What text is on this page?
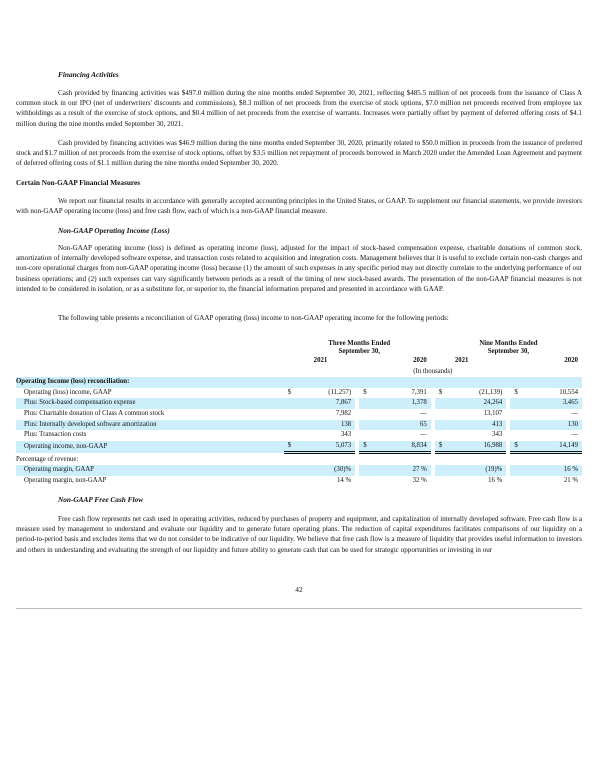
Financing Activities
Cash provided by financing activities was $497.0 million during the nine months ended September 30, 2021, reflecting $485.5 million of net proceeds from the issuance of Class A common stock in our IPO (net of underwriters' discounts and commissions), $8.3 million of net proceeds from the exercise of stock options, $7.0 million net proceeds received from employee tax withholdings as a result of the exercise of stock options, and $0.4 million of net proceeds from the exercise of warrants. Increases were partially offset by payment of deferred offering costs of $4.1 million during the nine months ended September 30, 2021.
Cash provided by financing activities was $46.9 million during the nine months ended September 30, 2020, primarily related to $50.0 million in proceeds from the issuance of preferred stock and $1.7 million of net proceeds from the exercise of stock options, offset by $3.5 million net repayment of proceeds borrowed in March 2020 under the Amended Loan Agreement and payment of deferred offering costs of $1.1 million during the nine months ended September 30, 2020.
Certain Non-GAAP Financial Measures
We report our financial results in accordance with generally accepted accounting principles in the United States, or GAAP. To supplement our financial statements, we provide investors with non-GAAP operating income (loss) and free cash flow, each of which is a non-GAAP financial measure.
Non-GAAP Operating Income (Loss)
Non-GAAP operating income (loss) is defined as operating income (loss), adjusted for the impact of stock-based compensation expense, charitable donations of common stock, amortization of internally developed software expense, and transaction costs related to acquisition and integration costs. Management believes that it is useful to exclude certain non-cash charges and non-core operational charges from non-GAAP operating income (loss) because (1) the amount of such expenses in any specific period may not directly correlate to the underlying performance of our business operations; and (2) such expenses can vary significantly between periods as a result of the timing of new stock-based awards. The presentation of the non-GAAP financial measures is not intended to be considered in isolation, or as a substitute for, or superior to, the financial information prepared and presented in accordance with GAAP.
The following table presents a reconciliation of GAAP operating (loss) income to non-GAAP operating income for the following periods:
	Three Months Ended September 30,						Nine Months Ended September 30,				
	2021			2020			2021			2020	
	(In thousands)										
Operating Income (loss) reconciliation:											
Operating (loss) income, GAAP	$	(11,257)		$	7,391		$	(21,139)		$	10,554
Plus: Stock-based compensation expense		7,867			1,378			24,264			3,465
Plus: Charitable donation of Class A common stock		7,982			—			13,107			—
Plus: Internally developed software amortization		138			65			413			130
Plus: Transaction costs		343			—			343			—
Operating income, non-GAAP	$	5,073		$	8,834		$	16,988		$	14,149
Percentage of revenue:											
Operating margin, GAAP		(30)%			27 %			(19)%			16 %
Operating margin, non-GAAP		14 %			32 %			16 %			21 %
Non-GAAP Free Cash Flow
Free cash flow represents net cash used in operating activities, reduced by purchases of property and equipment, and capitalization of internally developed software. Free cash flow is a measure used by management to understand and evaluate our liquidity and to generate future operating plans. The reduction of capital expenditures facilitates comparisons of our liquidity on a period-to-period basis and excludes items that we do not consider to be indicative of our liquidity. We believe that free cash flow is a measure of liquidity that provides useful information to investors and others in understanding and evaluating the strength of our liquidity and future ability to generate cash that can be used for strategic opportunities or investing in our
42
